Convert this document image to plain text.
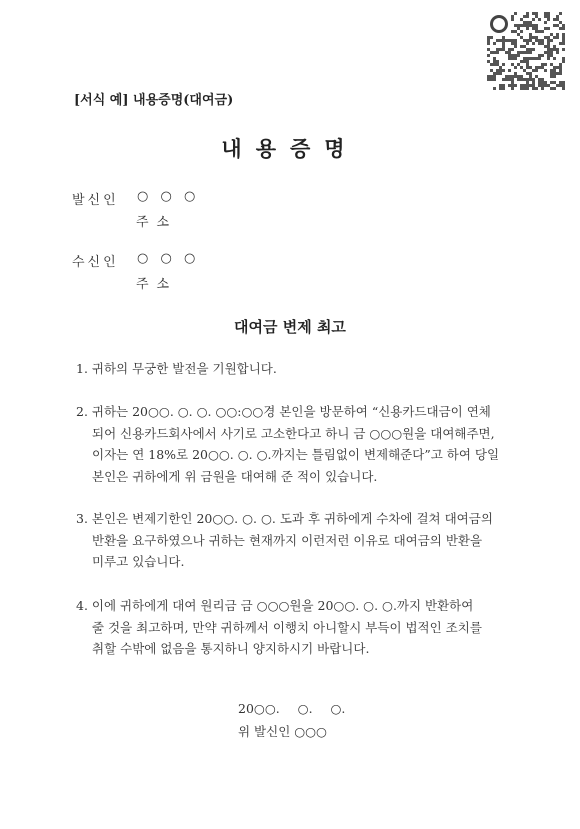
[서식 예] 내용증명(대여금)
내용증명
발신인 ○ ○ ○
주소
수신인 ○ ○ ○
주소
대여금 변제 최고
1. 귀하의 무궁한 발전을 기원합니다.
2. 귀하는 20○○. ○. ○. ○○:○○경 본인을 방문하여 “신용카드대금이 연체
되어 신용카드회사에서 사기로 고소한다고 하니 금 ○○○원을 대여해주면,
이자는 연 18%로 20○○. ○. ○.까지는 틀림없이 변제해준다”고 하여 당일
본인은 귀하에게 위 금원을 대여해 준 적이 있습니다.
3. 본인은 변제기한인 20○○. ○. ○. 도과 후 귀하에게 수차에 걸쳐 대여금의
반환을 요구하였으나 귀하는 현재까지 이런저런 이유로 대여금의 반환을
미루고 있습니다.
4. 이에 귀하에게 대여 원리금 금 ○○○원을 20○○. ○. ○.까지 반환하여
줄 것을 최고하며, 만약 귀하께서 이행치 아니할시 부득이 법적인 조치를
취할 수밖에 없음을 통지하니 양지하시기 바랍니다.
20○○. ○. ○.
위 발신인 ○○○
